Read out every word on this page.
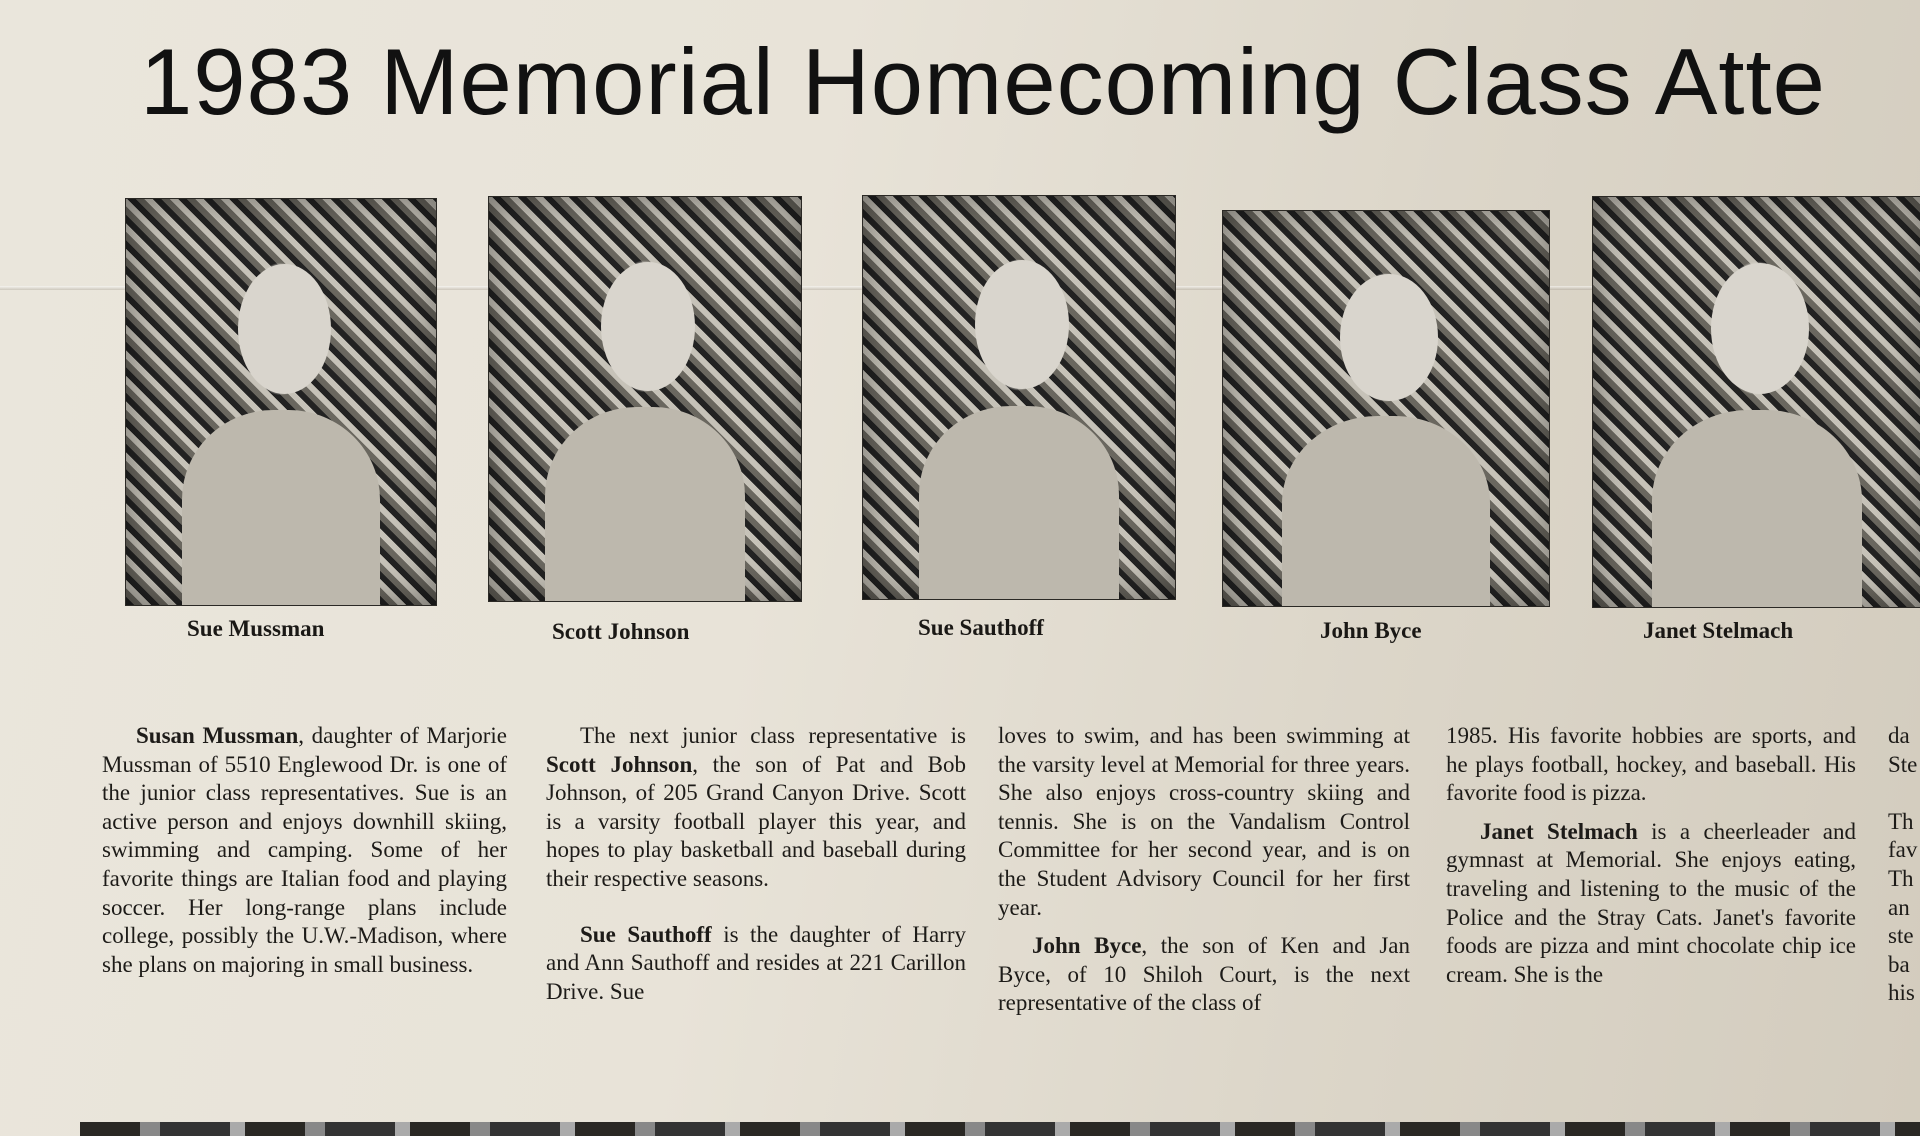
1983 Memorial Homecoming Class Atte
Sue Mussman	Scott Johnson	Sue Sauthoff	John Byce	Janet Stelmach

Susan Mussman, daughter of Marjorie Mussman of 5510 Englewood Dr. is one of the junior class representatives. Sue is an active person and enjoys downhill skiing, swimming and camping. Some of her favorite things are Italian food and playing soccer. Her long-range plans include college, possibly the U.W.-Madison, where she plans on majoring in small business.

The next junior class representative is Scott Johnson, the son of Pat and Bob Johnson, of 205 Grand Canyon Drive. Scott is a varsity football player this year, and hopes to play basketball and baseball during their respective seasons.

Sue Sauthoff is the daughter of Harry and Ann Sauthoff and resides at 221 Carillon Drive. Sue

loves to swim, and has been swimming at the varsity level at Memorial for three years. She also enjoys cross-country skiing and tennis. She is on the Vandalism Control Committee for her second year, and is on the Student Advisory Council for her first year.

John Byce, the son of Ken and Jan Byce, of 10 Shiloh Court, is the next representative of the class of

1985. His favorite hobbies are sports, and he plays football, hockey, and baseball. His favorite food is pizza.

Janet Stelmach is a cheerleader and gymnast at Memorial. She enjoys eating, traveling and listening to the music of the Police and the Stray Cats. Janet's favorite foods are pizza and mint chocolate chip ice cream. She is the

da
Ste
Th
fav
Th
an
ste
ba
his
